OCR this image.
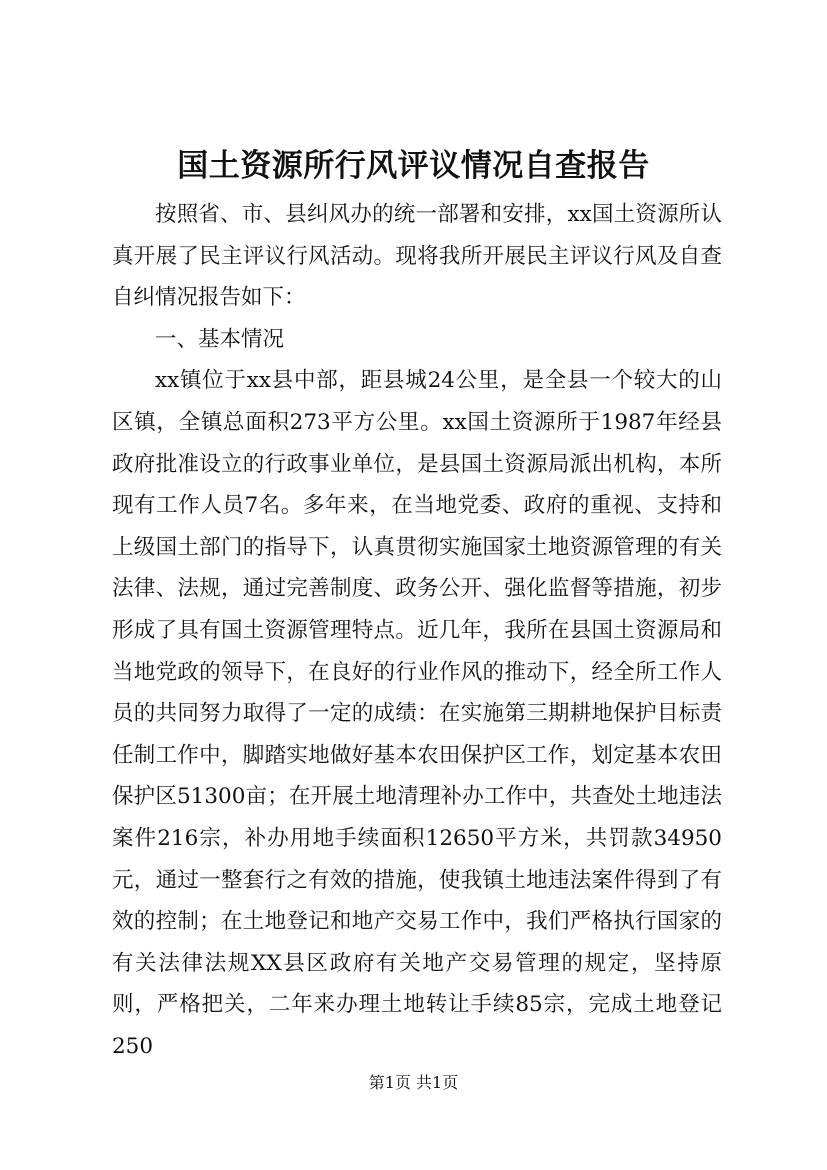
国土资源所行风评议情况自查报告

按照省、市、县纠风办的统一部署和安排，xx国土资源所认真开展了民主评议行风活动。现将我所开展民主评议行风及自查自纠情况报告如下：

一、基本情况

xx镇位于xx县中部，距县城24公里，是全县一个较大的山区镇，全镇总面积273平方公里。xx国土资源所于1987年经县政府批准设立的行政事业单位，是县国土资源局派出机构，本所现有工作人员7名。多年来，在当地党委、政府的重视、支持和上级国土部门的指导下，认真贯彻实施国家土地资源管理的有关法律、法规，通过完善制度、政务公开、强化监督等措施，初步形成了具有国土资源管理特点。近几年，我所在县国土资源局和当地党政的领导下，在良好的行业作风的推动下，经全所工作人员的共同努力取得了一定的成绩：在实施第三期耕地保护目标责任制工作中，脚踏实地做好基本农田保护区工作，划定基本农田保护区51300亩；在开展土地清理补办工作中，共查处土地违法案件216宗，补办用地手续面积12650平方米，共罚款34950元，通过一整套行之有效的措施，使我镇土地违法案件得到了有效的控制；在土地登记和地产交易工作中，我们严格执行国家的有关法律法规XX县区政府有关地产交易管理的规定，坚持原则，严格把关，二年来办理土地转让手续85宗，完成土地登记250

第1页 共1页
